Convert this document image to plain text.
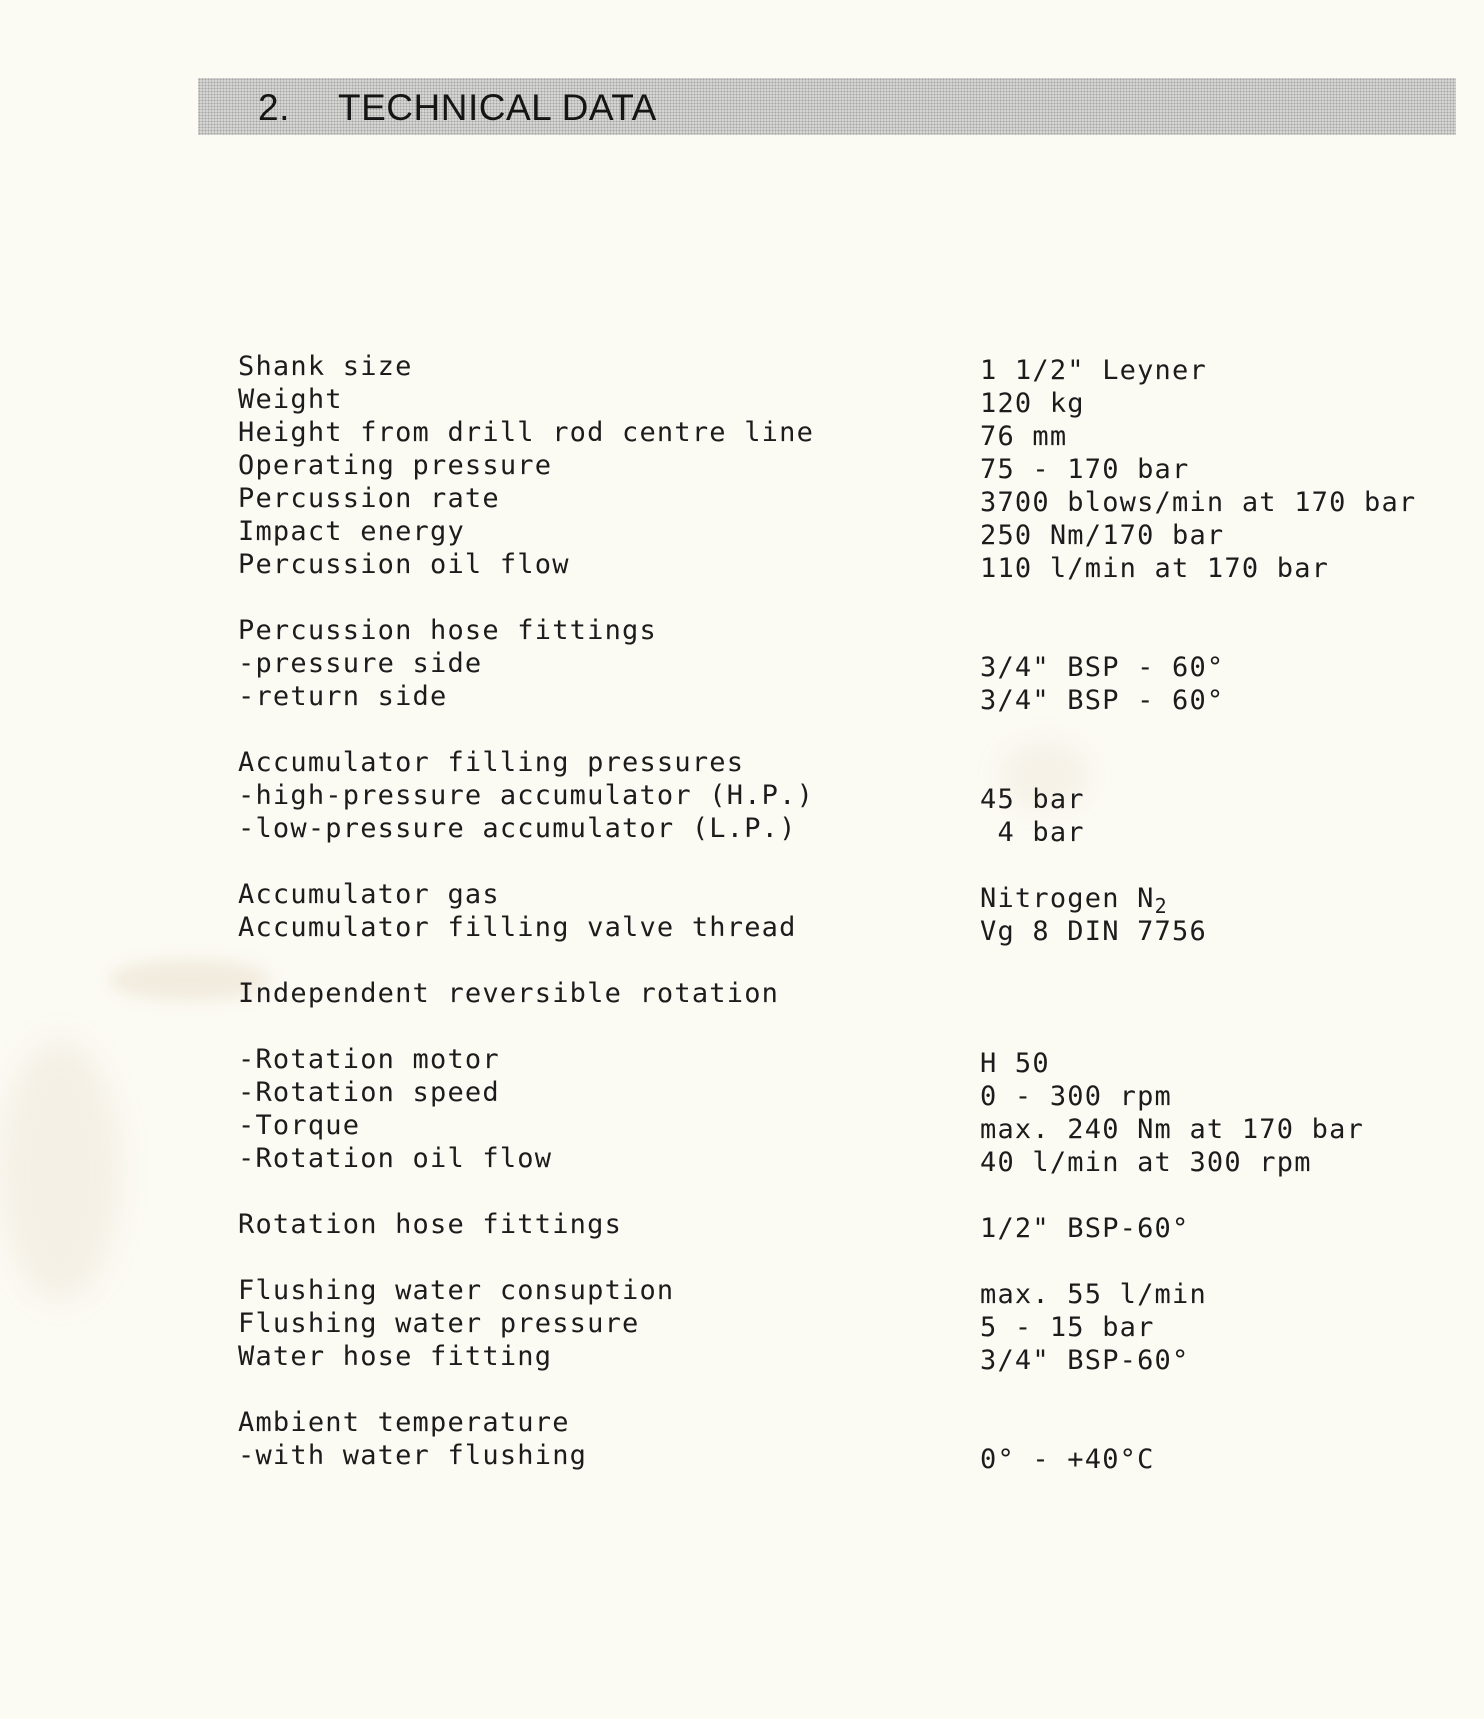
2. TECHNICAL DATA
Shank size	1 1/2" Leyner
Weight	120 kg
Height from drill rod centre line	76 mm
Operating pressure	75 - 170 bar
Percussion rate	3700 blows/min at 170 bar
Impact energy	250 Nm/170 bar
Percussion oil flow	110 l/min at 170 bar
Percussion hose fittings
-pressure side	3/4" BSP - 60°
-return side	3/4" BSP - 60°
Accumulator filling pressures
-high-pressure accumulator (H.P.)	45 bar
-low-pressure accumulator (L.P.)	4 bar
Accumulator gas	Nitrogen $N_2$
Accumulator filling valve thread	Vg 8 DIN 7756
Independent reversible rotation
-Rotation motor	H 50
-Rotation speed	0 - 300 rpm
-Torque	max. 240 Nm at 170 bar
-Rotation oil flow	40 l/min at 300 rpm
Rotation hose fittings	1/2" BSP-60°
Flushing water consuption	max. 55 l/min
Flushing water pressure	5 - 15 bar
Water hose fitting	3/4" BSP-60°
Ambient temperature
-with water flushing	0° - +40°C
